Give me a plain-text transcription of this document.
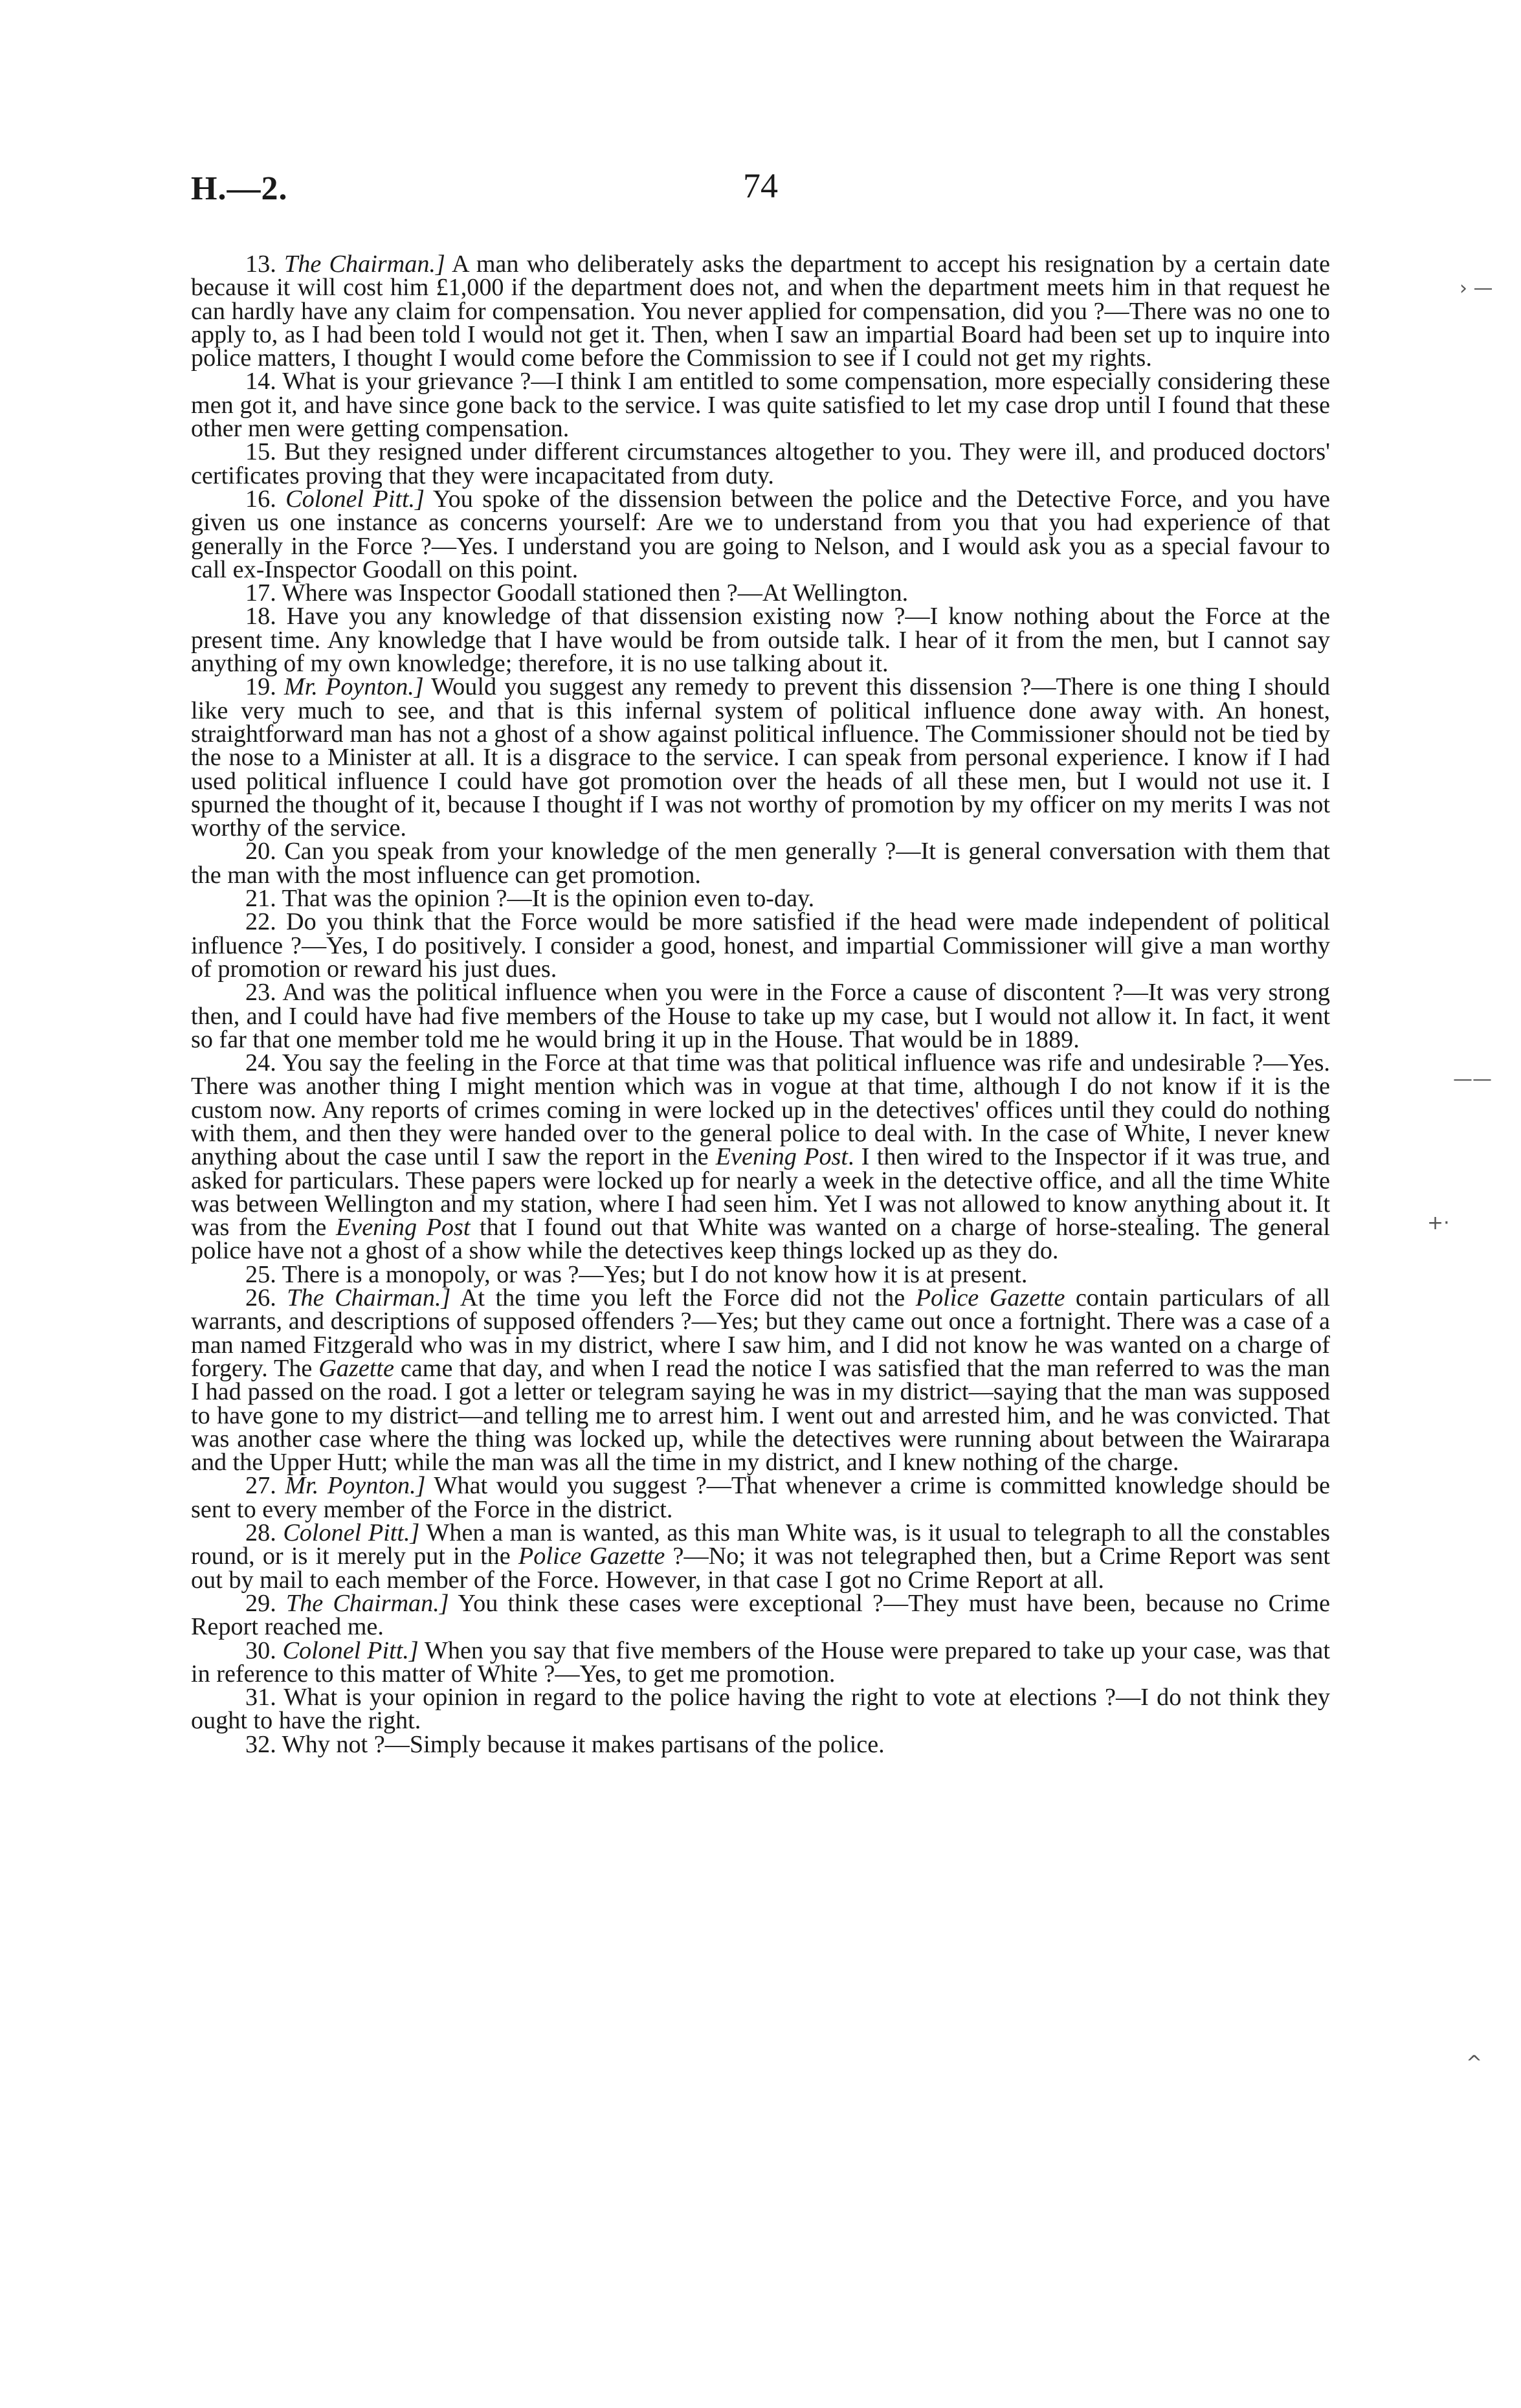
H.—2.	74

13. The Chairman.] A man who deliberately asks the department to accept his resignation by a certain date because it will cost him £1,000 if the department does not, and when the department meets him in that request he can hardly have any claim for compensation. You never applied for compensation, did you ?—There was no one to apply to, as I had been told I would not get it. Then, when I saw an impartial Board had been set up to inquire into police matters, I thought I would come before the Commission to see if I could not get my rights.

14. What is your grievance ?—I think I am entitled to some compensation, more especially considering these men got it, and have since gone back to the service. I was quite satisfied to let my case drop until I found that these other men were getting compensation.

15. But they resigned under different circumstances altogether to you. They were ill, and produced doctors' certificates proving that they were incapacitated from duty.

16. Colonel Pitt.] You spoke of the dissension between the police and the Detective Force, and you have given us one instance as concerns yourself: Are we to understand from you that you had experience of that generally in the Force ?—Yes. I understand you are going to Nelson, and I would ask you as a special favour to call ex-Inspector Goodall on this point.

17. Where was Inspector Goodall stationed then ?—At Wellington.

18. Have you any knowledge of that dissension existing now ?—I know nothing about the Force at the present time. Any knowledge that I have would be from outside talk. I hear of it from the men, but I cannot say anything of my own knowledge; therefore, it is no use talking about it.

19. Mr. Poynton.] Would you suggest any remedy to prevent this dissension ?—There is one thing I should like very much to see, and that is this infernal system of political influence done away with. An honest, straightforward man has not a ghost of a show against political influence. The Commissioner should not be tied by the nose to a Minister at all. It is a disgrace to the service. I can speak from personal experience. I know if I had used political influence I could have got promotion over the heads of all these men, but I would not use it. I spurned the thought of it, because I thought if I was not worthy of promotion by my officer on my merits I was not worthy of the service.

20. Can you speak from your knowledge of the men generally ?—It is general conversation with them that the man with the most influence can get promotion.

21. That was the opinion ?—It is the opinion even to-day.

22. Do you think that the Force would be more satisfied if the head were made independent of political influence ?—Yes, I do positively. I consider a good, honest, and impartial Commissioner will give a man worthy of promotion or reward his just dues.

23. And was the political influence when you were in the Force a cause of discontent ?—It was very strong then, and I could have had five members of the House to take up my case, but I would not allow it. In fact, it went so far that one member told me he would bring it up in the House. That would be in 1889.

24. You say the feeling in the Force at that time was that political influence was rife and undesirable ?—Yes. There was another thing I might mention which was in vogue at that time, although I do not know if it is the custom now. Any reports of crimes coming in were locked up in the detectives' offices until they could do nothing with them, and then they were handed over to the general police to deal with. In the case of White, I never knew anything about the case until I saw the report in the Evening Post. I then wired to the Inspector if it was true, and asked for particulars. These papers were locked up for nearly a week in the detective office, and all the time White was between Wellington and my station, where I had seen him. Yet I was not allowed to know anything about it. It was from the Evening Post that I found out that White was wanted on a charge of horse-stealing. The general police have not a ghost of a show while the detectives keep things locked up as they do.

25. There is a monopoly, or was ?—Yes; but I do not know how it is at present.

26. The Chairman.] At the time you left the Force did not the Police Gazette contain particulars of all warrants, and descriptions of supposed offenders ?—Yes; but they came out once a fortnight. There was a case of a man named Fitzgerald who was in my district, where I saw him, and I did not know he was wanted on a charge of forgery. The Gazette came that day, and when I read the notice I was satisfied that the man referred to was the man I had passed on the road. I got a letter or telegram saying he was in my district—saying that the man was supposed to have gone to my district—and telling me to arrest him. I went out and arrested him, and he was convicted. That was another case where the thing was locked up, while the detectives were running about between the Wairarapa and the Upper Hutt; while the man was all the time in my district, and I knew nothing of the charge.

27. Mr. Poynton.] What would you suggest ?—That whenever a crime is committed knowledge should be sent to every member of the Force in the district.

28. Colonel Pitt.] When a man is wanted, as this man White was, is it usual to telegraph to all the constables round, or is it merely put in the Police Gazette ?—No; it was not telegraphed then, but a Crime Report was sent out by mail to each member of the Force. However, in that case I got no Crime Report at all.

29. The Chairman.] You think these cases were exceptional ?—They must have been, because no Crime Report reached me.

30. Colonel Pitt.] When you say that five members of the House were prepared to take up your case, was that in reference to this matter of White ?—Yes, to get me promotion.

31. What is your opinion in regard to the police having the right to vote at elections ?—I do not think they ought to have the right.

32. Why not ?—Simply because it makes partisans of the police.

› —
——
+·
^
